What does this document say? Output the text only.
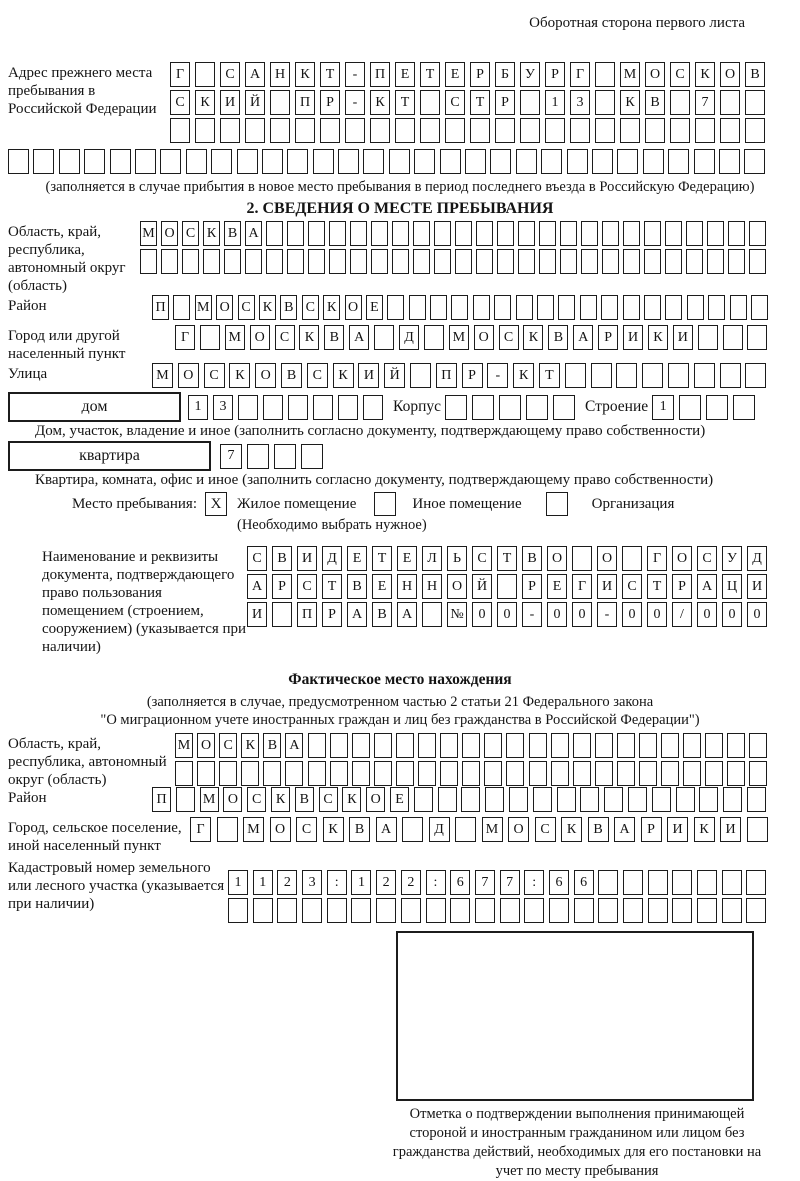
Оборотная сторона первого листа
Адрес прежнего места пребывания в Российской Федерации
Г	С	А	Н	К	Т	-	П	Е	Т	Е	Р	Б	У	Р	Г	М О	С	К	О	В
С	К	И	Й	П	Р	-	К	Т	С	Т	Р	1	3	К	В	7
(заполняется в случае прибытия в новое место пребывания в период последнего въезда в Российскую Федерацию)
2. СВЕДЕНИЯ О МЕСТЕ ПРЕБЫВАНИЯ
Область, край, республика, автономный округ (область)
М О С К В А
Район	П М О С К В С К О Е
Город или другой населенный пункт
Г	М О	С	К	В	А	Д	М О	С	К	В	А	Р	И	К	И
Улица	М	О	С	К	О	В	С	К	И	Й	П	Р	-	К	Т
дом	1	3	Корпус	Строение 1
Дом, участок, владение и иное (заполнить согласно документу, подтверждающему право собственности)
квартира	7
Квартира, комната, офис и иное (заполнить согласно документу, подтверждающему право собственности)
Место пребывания: X	Жилое помещение	Иное помещение	Организация
(Необходимо выбрать нужное)
Наименование и реквизиты документа, подтверждающего право пользования помещением (строением, сооружением) (указывается при наличии)
С	В	И	Д	Е	Т	Е	Л	Ь	С	Т	В	О	О	Г	О	С	У	Д
А	Р	С	Т	В	Е	Н	Н	О	Й	Р	Е	Г	И	С	Т	Р	А	Ц	И
И	П	Р	А	В	А	№	0	0	-	0	0	-	0	0	/	0	0	0
Фактическое место нахождения
(заполняется в случае, предусмотренном частью 2 статьи 21 Федерального закона
"О миграционном учете иностранных граждан и лиц без гражданства в Российской Федерации")
Область, край, республика, автономный округ (область)
М О С К В А
Район	П	М О	С	К	В	С	К	О	Е
Город, сельское поселение, иной населенный пункт
Г	М	О	С	К	В	А	Д	М	О	С	К	В	А	Р	И	К	И
Кадастровый номер земельного или лесного участка (указывается при наличии)
1	1	2	3	:	1	2	2	:	6	7	7	:	6	6
Отметка о подтверждении выполнения принимающей стороной и иностранным гражданином или лицом без гражданства действий, необходимых для его постановки на учет по месту пребывания
